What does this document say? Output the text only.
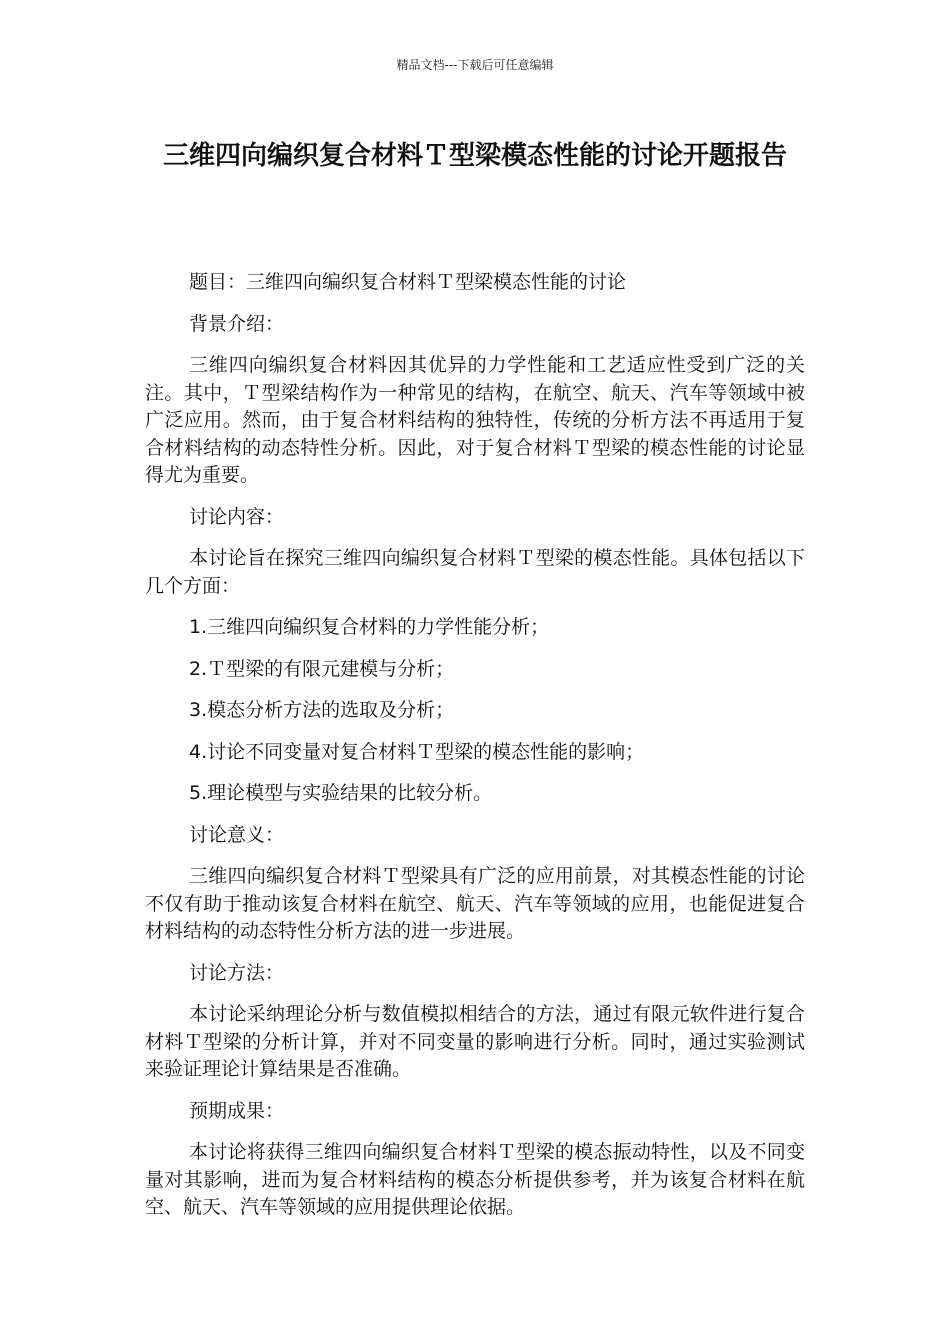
精品文档---下载后可任意编辑
三维四向编织复合材料Ｔ型梁模态性能的讨论开题报告

题目：三维四向编织复合材料Ｔ型梁模态性能的讨论

背景介绍：

三维四向编织复合材料因其优异的力学性能和工艺适应性受到广泛的关注。其中，Ｔ型梁结构作为一种常见的结构，在航空、航天、汽车等领域中被广泛应用。然而，由于复合材料结构的独特性，传统的分析方法不再适用于复合材料结构的动态特性分析。因此，对于复合材料Ｔ型梁的模态性能的讨论显得尤为重要。

讨论内容：

本讨论旨在探究三维四向编织复合材料Ｔ型梁的模态性能。具体包括以下几个方面：

1.三维四向编织复合材料的力学性能分析；

2.Ｔ型梁的有限元建模与分析；

3.模态分析方法的选取及分析；

4.讨论不同变量对复合材料Ｔ型梁的模态性能的影响；

5.理论模型与实验结果的比较分析。

讨论意义：

三维四向编织复合材料Ｔ型梁具有广泛的应用前景，对其模态性能的讨论不仅有助于推动该复合材料在航空、航天、汽车等领域的应用，也能促进复合材料结构的动态特性分析方法的进一步进展。

讨论方法：

本讨论采纳理论分析与数值模拟相结合的方法，通过有限元软件进行复合材料Ｔ型梁的分析计算，并对不同变量的影响进行分析。同时，通过实验测试来验证理论计算结果是否准确。

预期成果：

本讨论将获得三维四向编织复合材料Ｔ型梁的模态振动特性，以及不同变量对其影响，进而为复合材料结构的模态分析提供参考，并为该复合材料在航空、航天、汽车等领域的应用提供理论依据。
